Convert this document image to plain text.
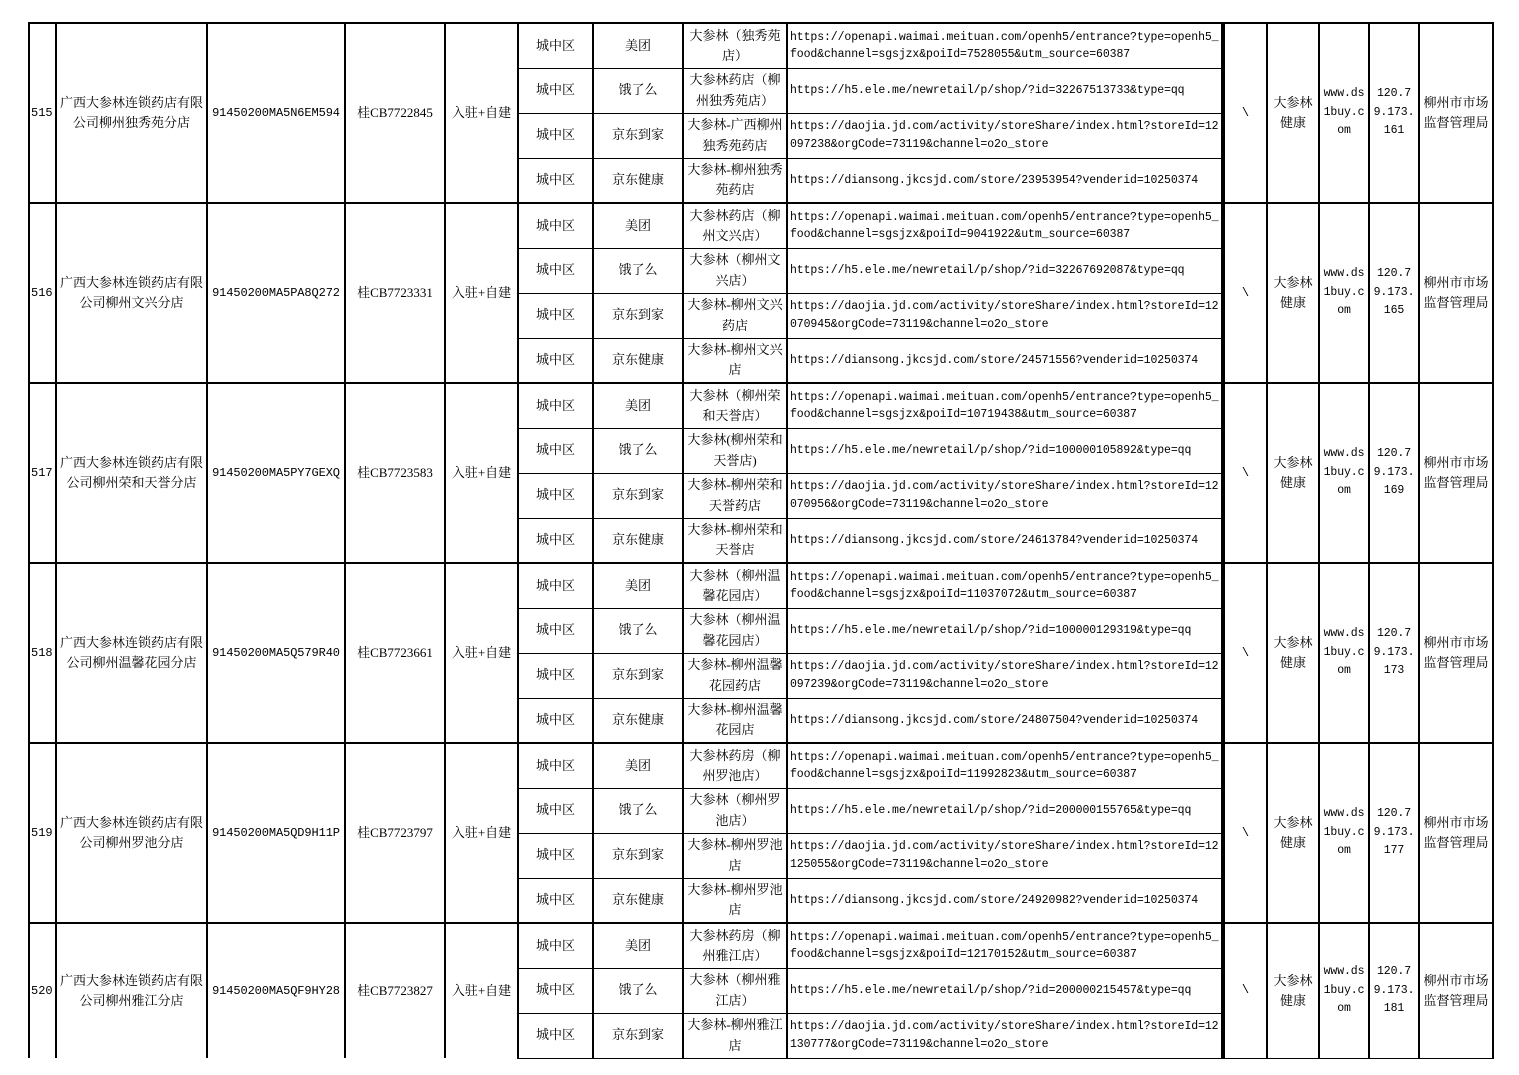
515	广西大参林连锁药店有限公司柳州独秀苑分店	91450200MA5N6EM594	桂CB7722845	入驻+自建	城中区	美团	大参林（独秀苑店）	https://openapi.waimai.meituan.com/openh5/entrance?type=openh5_food&channel=sgsjzx&poiId=7528055&utm_source=60387	\	大参林健康	www.ds1buy.com	120.79.173.161	柳州市市场监督管理局
					城中区	饿了么	大参林药店（柳州独秀苑店）	https://h5.ele.me/newretail/p/shop/?id=32267513733&type=qq					
					城中区	京东到家	大参林-广西柳州独秀苑药店	https://daojia.jd.com/activity/storeShare/index.html?storeId=12097238&orgCode=73119&channel=o2o_store					
					城中区	京东健康	大参林-柳州独秀苑药店	https://diansong.jkcsjd.com/store/23953954?venderid=10250374					
516	广西大参林连锁药店有限公司柳州文兴分店	91450200MA5PA8Q272	桂CB7723331	入驻+自建	城中区	美团	大参林药店（柳州文兴店）	https://openapi.waimai.meituan.com/openh5/entrance?type=openh5_food&channel=sgsjzx&poiId=9041922&utm_source=60387	\	大参林健康	www.ds1buy.com	120.79.173.165	柳州市市场监督管理局
					城中区	饿了么	大参林（柳州文兴店）	https://h5.ele.me/newretail/p/shop/?id=32267692087&type=qq					
					城中区	京东到家	大参林-柳州文兴药店	https://daojia.jd.com/activity/storeShare/index.html?storeId=12070945&orgCode=73119&channel=o2o_store					
					城中区	京东健康	大参林-柳州文兴店	https://diansong.jkcsjd.com/store/24571556?venderid=10250374					
517	广西大参林连锁药店有限公司柳州荣和天誉分店	91450200MA5PY7GEXQ	桂CB7723583	入驻+自建	城中区	美团	大参林（柳州荣和天誉店）	https://openapi.waimai.meituan.com/openh5/entrance?type=openh5_food&channel=sgsjzx&poiId=10719438&utm_source=60387	\	大参林健康	www.ds1buy.com	120.79.173.169	柳州市市场监督管理局
					城中区	饿了么	大参林(柳州荣和天誉店)	https://h5.ele.me/newretail/p/shop/?id=100000105892&type=qq					
					城中区	京东到家	大参林-柳州荣和天誉药店	https://daojia.jd.com/activity/storeShare/index.html?storeId=12070956&orgCode=73119&channel=o2o_store					
					城中区	京东健康	大参林-柳州荣和天誉店	https://diansong.jkcsjd.com/store/24613784?venderid=10250374					
518	广西大参林连锁药店有限公司柳州温馨花园分店	91450200MA5Q579R40	桂CB7723661	入驻+自建	城中区	美团	大参林（柳州温馨花园店）	https://openapi.waimai.meituan.com/openh5/entrance?type=openh5_food&channel=sgsjzx&poiId=11037072&utm_source=60387	\	大参林健康	www.ds1buy.com	120.79.173.173	柳州市市场监督管理局
					城中区	饿了么	大参林（柳州温馨花园店）	https://h5.ele.me/newretail/p/shop/?id=100000129319&type=qq					
					城中区	京东到家	大参林-柳州温馨花园药店	https://daojia.jd.com/activity/storeShare/index.html?storeId=12097239&orgCode=73119&channel=o2o_store					
					城中区	京东健康	大参林-柳州温馨花园店	https://diansong.jkcsjd.com/store/24807504?venderid=10250374					
519	广西大参林连锁药店有限公司柳州罗池分店	91450200MA5QD9H11P	桂CB7723797	入驻+自建	城中区	美团	大参林药房（柳州罗池店）	https://openapi.waimai.meituan.com/openh5/entrance?type=openh5_food&channel=sgsjzx&poiId=11992823&utm_source=60387	\	大参林健康	www.ds1buy.com	120.79.173.177	柳州市市场监督管理局
					城中区	饿了么	大参林（柳州罗池店）	https://h5.ele.me/newretail/p/shop/?id=200000155765&type=qq					
					城中区	京东到家	大参林-柳州罗池店	https://daojia.jd.com/activity/storeShare/index.html?storeId=12125055&orgCode=73119&channel=o2o_store					
					城中区	京东健康	大参林-柳州罗池店	https://diansong.jkcsjd.com/store/24920982?venderid=10250374					
520	广西大参林连锁药店有限公司柳州雅江分店	91450200MA5QF9HY28	桂CB7723827	入驻+自建	城中区	美团	大参林药房（柳州雅江店）	https://openapi.waimai.meituan.com/openh5/entrance?type=openh5_food&channel=sgsjzx&poiId=12170152&utm_source=60387	\	大参林健康	www.ds1buy.com	120.79.173.181	柳州市市场监督管理局
					城中区	饿了么	大参林（柳州雅江店）	https://h5.ele.me/newretail/p/shop/?id=200000215457&type=qq					
					城中区	京东到家	大参林-柳州雅江店	https://daojia.jd.com/activity/storeShare/index.html?storeId=12130777&orgCode=73119&channel=o2o_store					
